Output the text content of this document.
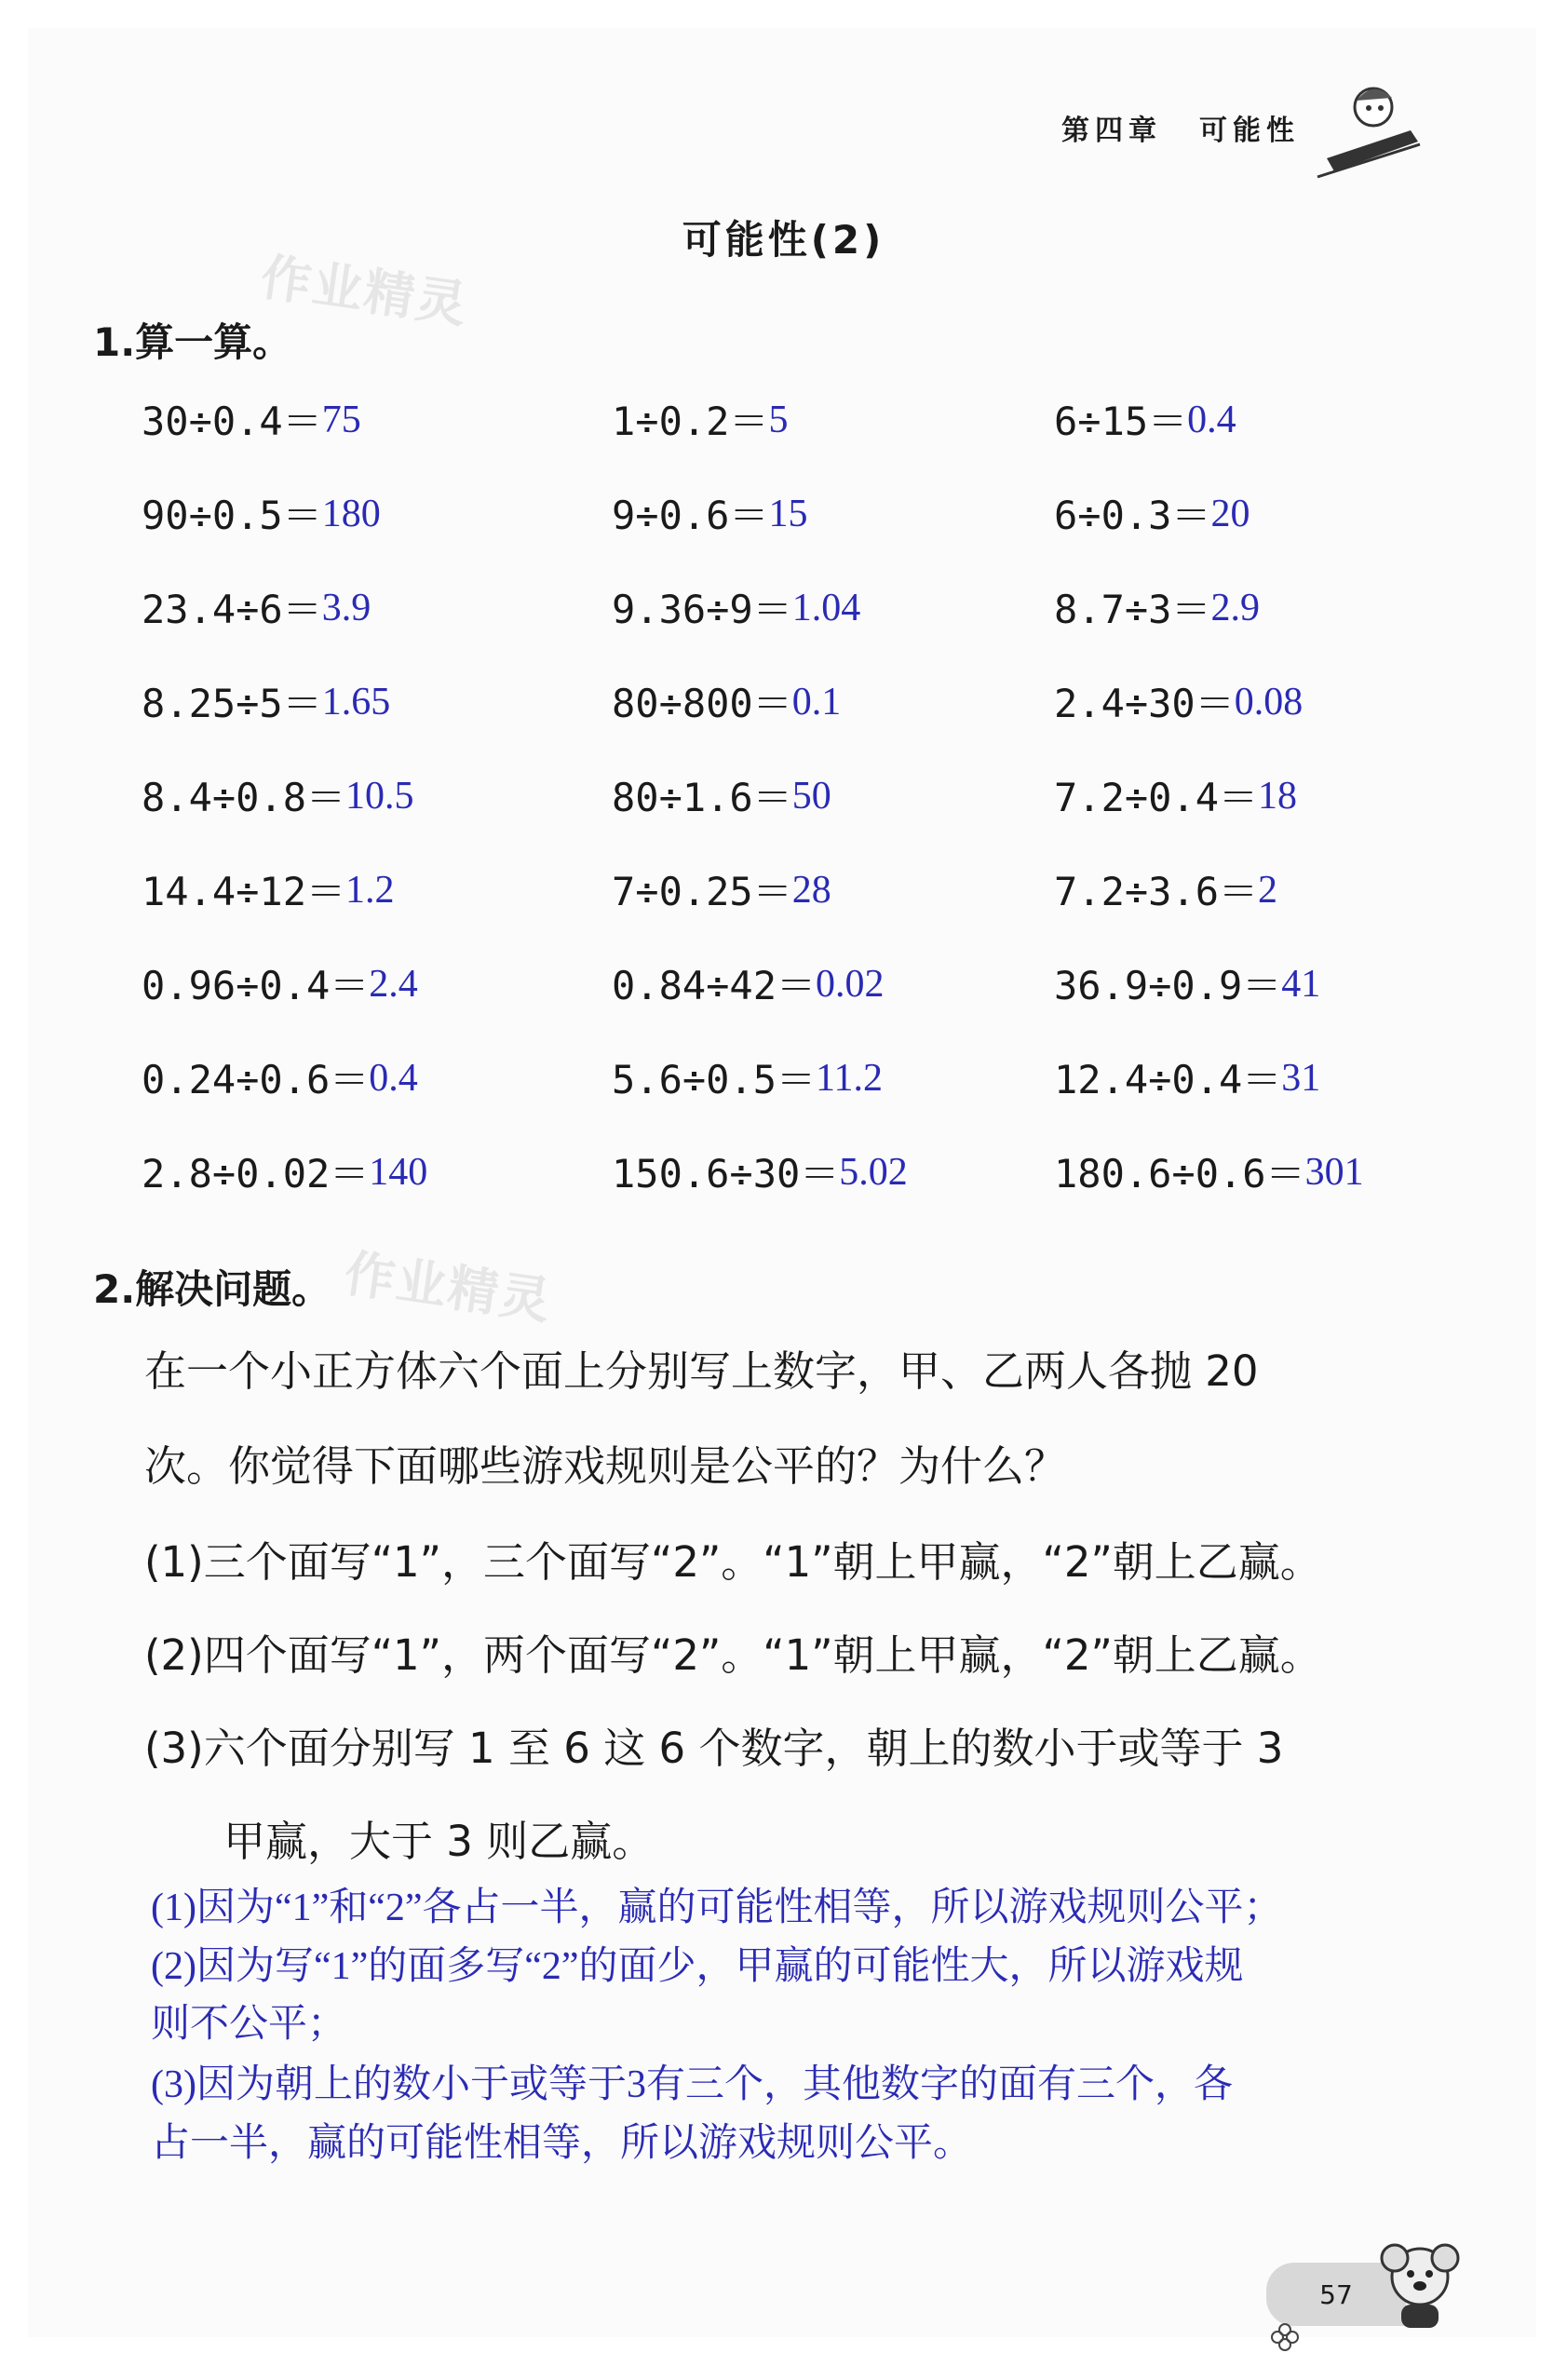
第四章 可能性
作业精灵
作业精灵
可能性(2)
1.算一算。
30÷0.4＝75	1÷0.2＝5	6÷15＝0.4
90÷0.5＝180	9÷0.6＝15	6÷0.3＝20
23.4÷6＝3.9	9.36÷9＝1.04	8.7÷3＝2.9
8.25÷5＝1.65	80÷800＝0.1	2.4÷30＝0.08
8.4÷0.8＝10.5	80÷1.6＝50	7.2÷0.4＝18
14.4÷12＝1.2	7÷0.25＝28	7.2÷3.6＝2
0.96÷0.4＝2.4	0.84÷42＝0.02	36.9÷0.9＝41
0.24÷0.6＝0.4	5.6÷0.5＝11.2	12.4÷0.4＝31
2.8÷0.02＝140	150.6÷30＝5.02	180.6÷0.6＝301
2.解决问题。
在一个小正方体六个面上分别写上数字，甲、乙两人各抛 20
次。你觉得下面哪些游戏规则是公平的？为什么？
(1)三个面写“1”，三个面写“2”。“1”朝上甲赢，“2”朝上乙赢。
(2)四个面写“1”，两个面写“2”。“1”朝上甲赢，“2”朝上乙赢。
(3)六个面分别写 1 至 6 这 6 个数字，朝上的数小于或等于 3
甲赢，大于 3 则乙赢。
(1)因为“1”和“2”各占一半，赢的可能性相等，所以游戏规则公平；
(2)因为写“1”的面多写“2”的面少，甲赢的可能性大，所以游戏规
则不公平；
(3)因为朝上的数小于或等于3有三个，其他数字的面有三个，各
占一半，赢的可能性相等，所以游戏规则公平。
57
